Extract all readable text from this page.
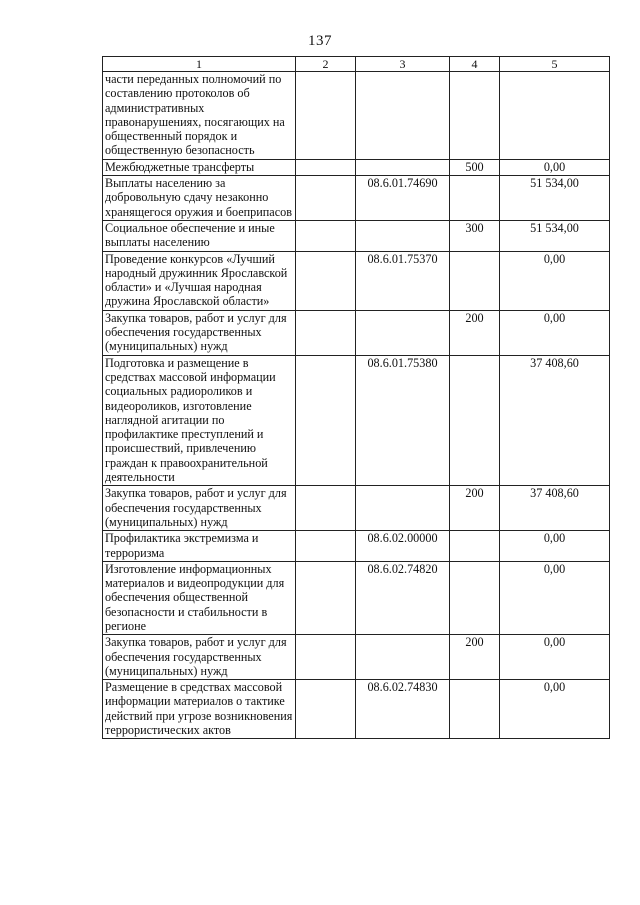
137
1	2	3	4	5
части переданных полномочий по составлению протоколов об административных правонарушениях, посягающих на общественный порядок и общественную безопасность				
Межбюджетные трансферты			500	0,00
Выплаты населению за добровольную сдачу незаконно хранящегося оружия и боеприпасов		08.6.01.74690		51 534,00
Социальное обеспечение и иные выплаты населению			300	51 534,00
Проведение конкурсов «Лучший народный дружинник Ярославской области» и «Лучшая народная дружина Ярославской области»		08.6.01.75370		0,00
Закупка товаров, работ и услуг для обеспечения государственных (муниципальных) нужд			200	0,00
Подготовка и размещение в средствах массовой информации социальных радиороликов и видеороликов, изготовление наглядной агитации по профилактике преступлений и происшествий, привлечению граждан к правоохранительной деятельности		08.6.01.75380		37 408,60
Закупка товаров, работ и услуг для обеспечения государственных (муниципальных) нужд			200	37 408,60
Профилактика экстремизма и терроризма		08.6.02.00000		0,00
Изготовление информационных материалов и видеопродукции для обеспечения общественной безопасности и стабильности в регионе		08.6.02.74820		0,00
Закупка товаров, работ и услуг для обеспечения государственных (муниципальных) нужд			200	0,00
Размещение в средствах массовой информации материалов о тактике действий при угрозе возникновения террористических актов		08.6.02.74830		0,00
